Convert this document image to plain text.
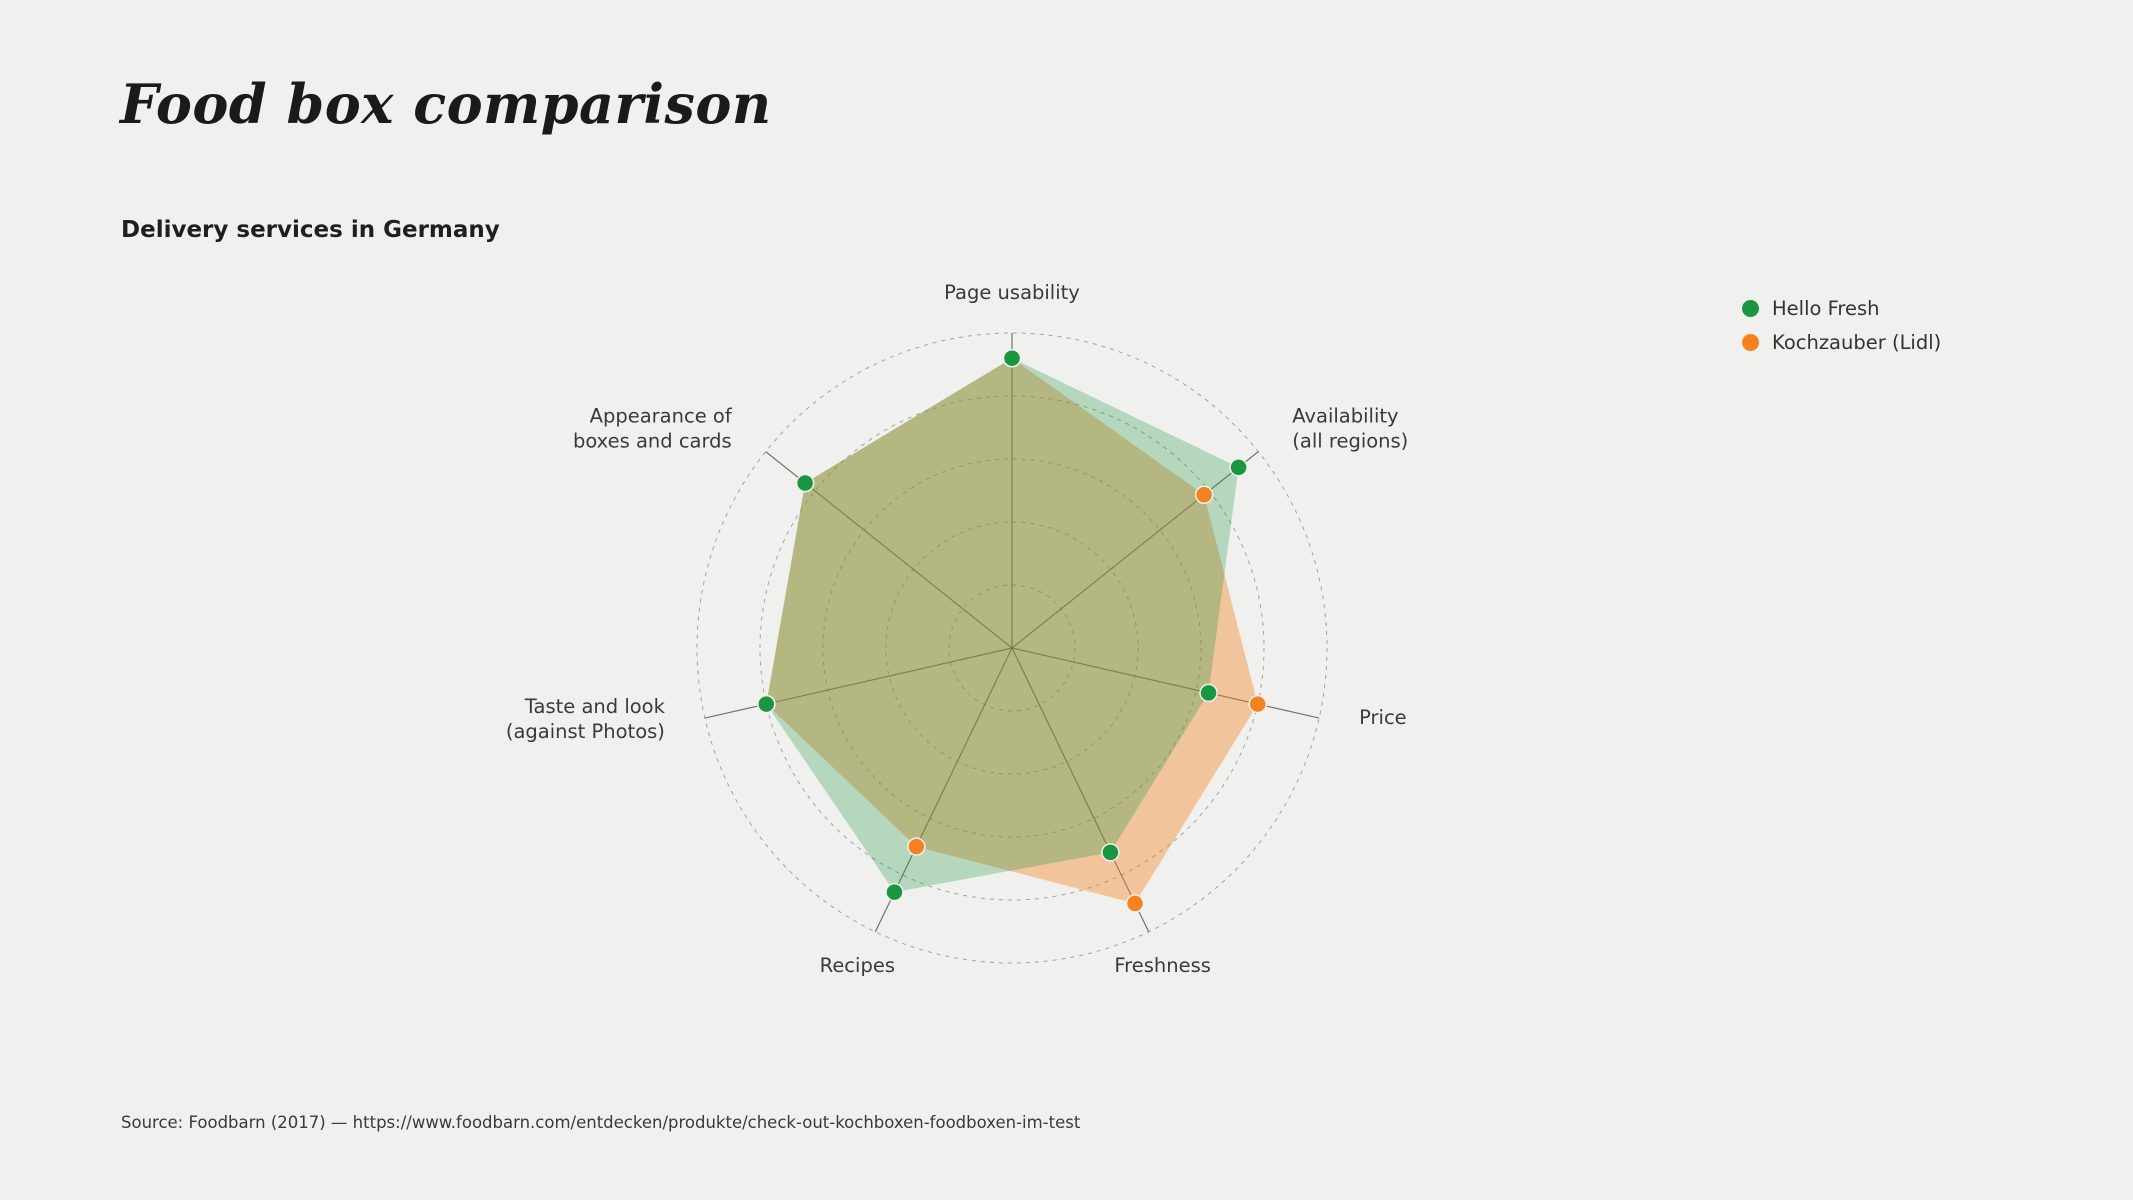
Food box comparison
Delivery services in Germany
Hello Fresh
Kochzauber (Lidl)
Page usability
Availability (all regions)
Price
Freshness
Recipes
Taste and look (against Photos)
Appearance of boxes and cards
Source: Foodbarn (2017) — https://www.foodbarn.com/entdecken/produkte/check-out-kochboxen-foodboxen-im-test
